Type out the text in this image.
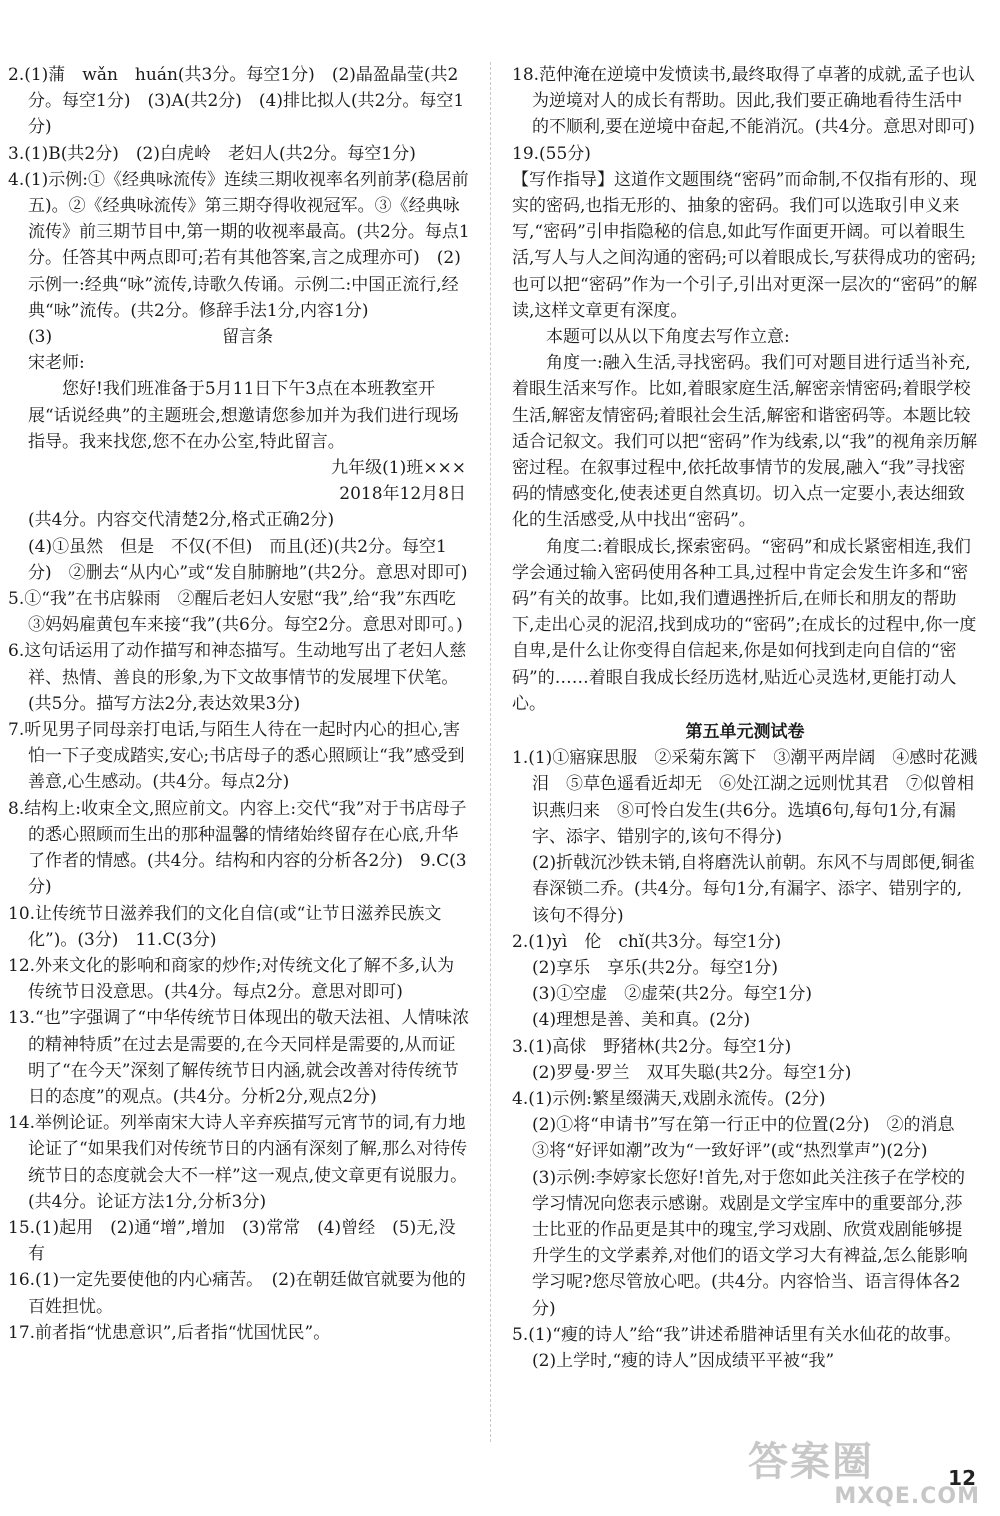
2.(1)蒲　wǎn　huán(共3分。每空1分)　(2)晶盈晶莹(共2分。每空1分)　(3)A(共2分)　(4)排比拟人(共2分。每空1分)

3.(1)B(共2分)　(2)白虎岭　老妇人(共2分。每空1分)

4.(1)示例:①《经典咏流传》连续三期收视率名列前茅(稳居前五)。②《经典咏流传》第三期夺得收视冠军。③《经典咏流传》前三期节目中,第一期的收视率最高。(共2分。每点1分。任答其中两点即可;若有其他答案,言之成理亦可)　(2)示例一:经典“咏”流传,诗歌久传诵。示例二:中国正流行,经典“咏”流传。(共2分。修辞手法1分,内容1分)

(3)	留言条

宋老师:

您好!我们班准备于5月11日下午3点在本班教室开展“话说经典”的主题班会,想邀请您参加并为我们进行现场指导。我来找您,您不在办公室,特此留言。

九年级(1)班×××

2018年12月8日

(共4分。内容交代清楚2分,格式正确2分)

(4)①虽然　但是　不仅(不但)　而且(还)(共2分。每空1分)　②删去“从内心”或“发自肺腑地”(共2分。意思对即可)

5.①“我”在书店躲雨　②醒后老妇人安慰“我”,给“我”东西吃　③妈妈雇黄包车来接“我”(共6分。每空2分。意思对即可。)

6.这句话运用了动作描写和神态描写。生动地写出了老妇人慈祥、热情、善良的形象,为下文故事情节的发展埋下伏笔。(共5分。描写方法2分,表达效果3分)

7.听见男子同母亲打电话,与陌生人待在一起时内心的担心,害怕一下子变成踏实,安心;书店母子的悉心照顾让“我”感受到善意,心生感动。(共4分。每点2分)

8.结构上:收束全文,照应前文。内容上:交代“我”对于书店母子的悉心照顾而生出的那种温馨的情绪始终留存在心底,升华了作者的情感。(共4分。结构和内容的分析各2分)　9.C(3分)

10.让传统节日滋养我们的文化自信(或“让节日滋养民族文化”)。(3分)　11.C(3分)

12.外来文化的影响和商家的炒作;对传统文化了解不多,认为传统节日没意思。(共4分。每点2分。意思对即可)

13.“也”字强调了“中华传统节日体现出的敬天法祖、人情味浓的精神特质”在过去是需要的,在今天同样是需要的,从而证明了“在今天”深刻了解传统节日内涵,就会改善对待传统节日的态度”的观点。(共4分。分析2分,观点2分)

14.举例论证。列举南宋大诗人辛弃疾描写元宵节的词,有力地论证了“如果我们对传统节日的内涵有深刻了解,那么对待传统节日的态度就会大不一样”这一观点,使文章更有说服力。(共4分。论证方法1分,分析3分)

15.(1)起用　(2)通“增”,增加　(3)常常　(4)曾经　(5)无,没有

16.(1)一定先要使他的内心痛苦。　(2)在朝廷做官就要为他的百姓担忧。

17.前者指“忧患意识”,后者指“忧国忧民”。

18.范仲淹在逆境中发愤读书,最终取得了卓著的成就,孟子也认为逆境对人的成长有帮助。因此,我们要正确地看待生活中的不顺利,要在逆境中奋起,不能消沉。(共4分。意思对即可)

19.(55分)

【写作指导】这道作文题围绕“密码”而命制,不仅指有形的、现实的密码,也指无形的、抽象的密码。我们可以选取引申义来写,“密码”引申指隐秘的信息,如此写作面更开阔。可以着眼生活,写人与人之间沟通的密码;可以着眼成长,写获得成功的密码;也可以把“密码”作为一个引子,引出对更深一层次的“密码”的解读,这样文章更有深度。

本题可以从以下角度去写作立意:

角度一:融入生活,寻找密码。我们可对题目进行适当补充,着眼生活来写作。比如,着眼家庭生活,解密亲情密码;着眼学校生活,解密友情密码;着眼社会生活,解密和谐密码等。本题比较适合记叙文。我们可以把“密码”作为线索,以“我”的视角亲历解密过程。在叙事过程中,依托故事情节的发展,融入“我”寻找密码的情感变化,使表述更自然真切。切入点一定要小,表达细致化的生活感受,从中找出“密码”。

角度二:着眼成长,探索密码。“密码”和成长紧密相连,我们学会通过输入密码使用各种工具,过程中肯定会发生许多和“密码”有关的故事。比如,我们遭遇挫折后,在师长和朋友的帮助下,走出心灵的泥沼,找到成功的“密码”;在成长的过程中,你一度自卑,是什么让你变得自信起来,你是如何找到走向自信的“密码”的……着眼自我成长经历选材,贴近心灵选材,更能打动人心。

第五单元测试卷

1.(1)①寤寐思服　②采菊东篱下　③潮平两岸阔　④感时花溅泪　⑤草色遥看近却无　⑥处江湖之远则忧其君　⑦似曾相识燕归来　⑧可怜白发生(共6分。选填6句,每句1分,有漏字、添字、错别字的,该句不得分)

(2)折戟沉沙铁未销,自将磨洗认前朝。东风不与周郎便,铜雀春深锁二乔。(共4分。每句1分,有漏字、添字、错别字的,该句不得分)

2.(1)yì　伦　chǐ(共3分。每空1分)

(2)享乐　享乐(共2分。每空1分)

(3)①空虚　②虚荣(共2分。每空1分)

(4)理想是善、美和真。(2分)

3.(1)高俅　野猪林(共2分。每空1分)

(2)罗曼·罗兰　双耳失聪(共2分。每空1分)

4.(1)示例:繁星缀满天,戏剧永流传。(2分)

(2)①将“申请书”写在第一行正中的位置(2分)　②的消息　③将“好评如潮”改为“一致好评”(或“热烈掌声”)(2分)

(3)示例:李婷家长您好!首先,对于您如此关注孩子在学校的学习情况向您表示感谢。戏剧是文学宝库中的重要部分,莎士比亚的作品更是其中的瑰宝,学习戏剧、欣赏戏剧能够提升学生的文学素养,对他们的语文学习大有裨益,怎么能影响学习呢?您尽管放心吧。(共4分。内容恰当、语言得体各2分)

5.(1)“瘦的诗人”给“我”讲述希腊神话里有关水仙花的故事。　(2)上学时,“瘦的诗人”因成绩平平被“我”

12
答案圈
MXQE.COM
